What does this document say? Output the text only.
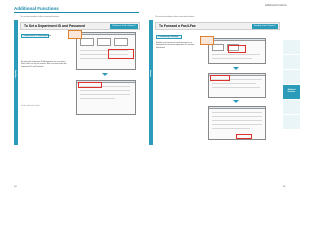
Additional Functions
Additional Functions
This section introduces other convenient features.
Copying
To Set a Department ID and Password	Reference Guide Chapter 6
Department ID Management
By setting the Department ID Management, you can restrict which users can use the machine. Each user must enter their Department ID and Password.
See the e-Manual for details.
54
This section introduces other convenient features.
Faxing
To Forward a Fax/I-Fax	Sending Guide Chapter 6
Forwarding Settings
Enables you to forward received documents to a destination that has been registered in the machine beforehand.
55
Additional Functions
